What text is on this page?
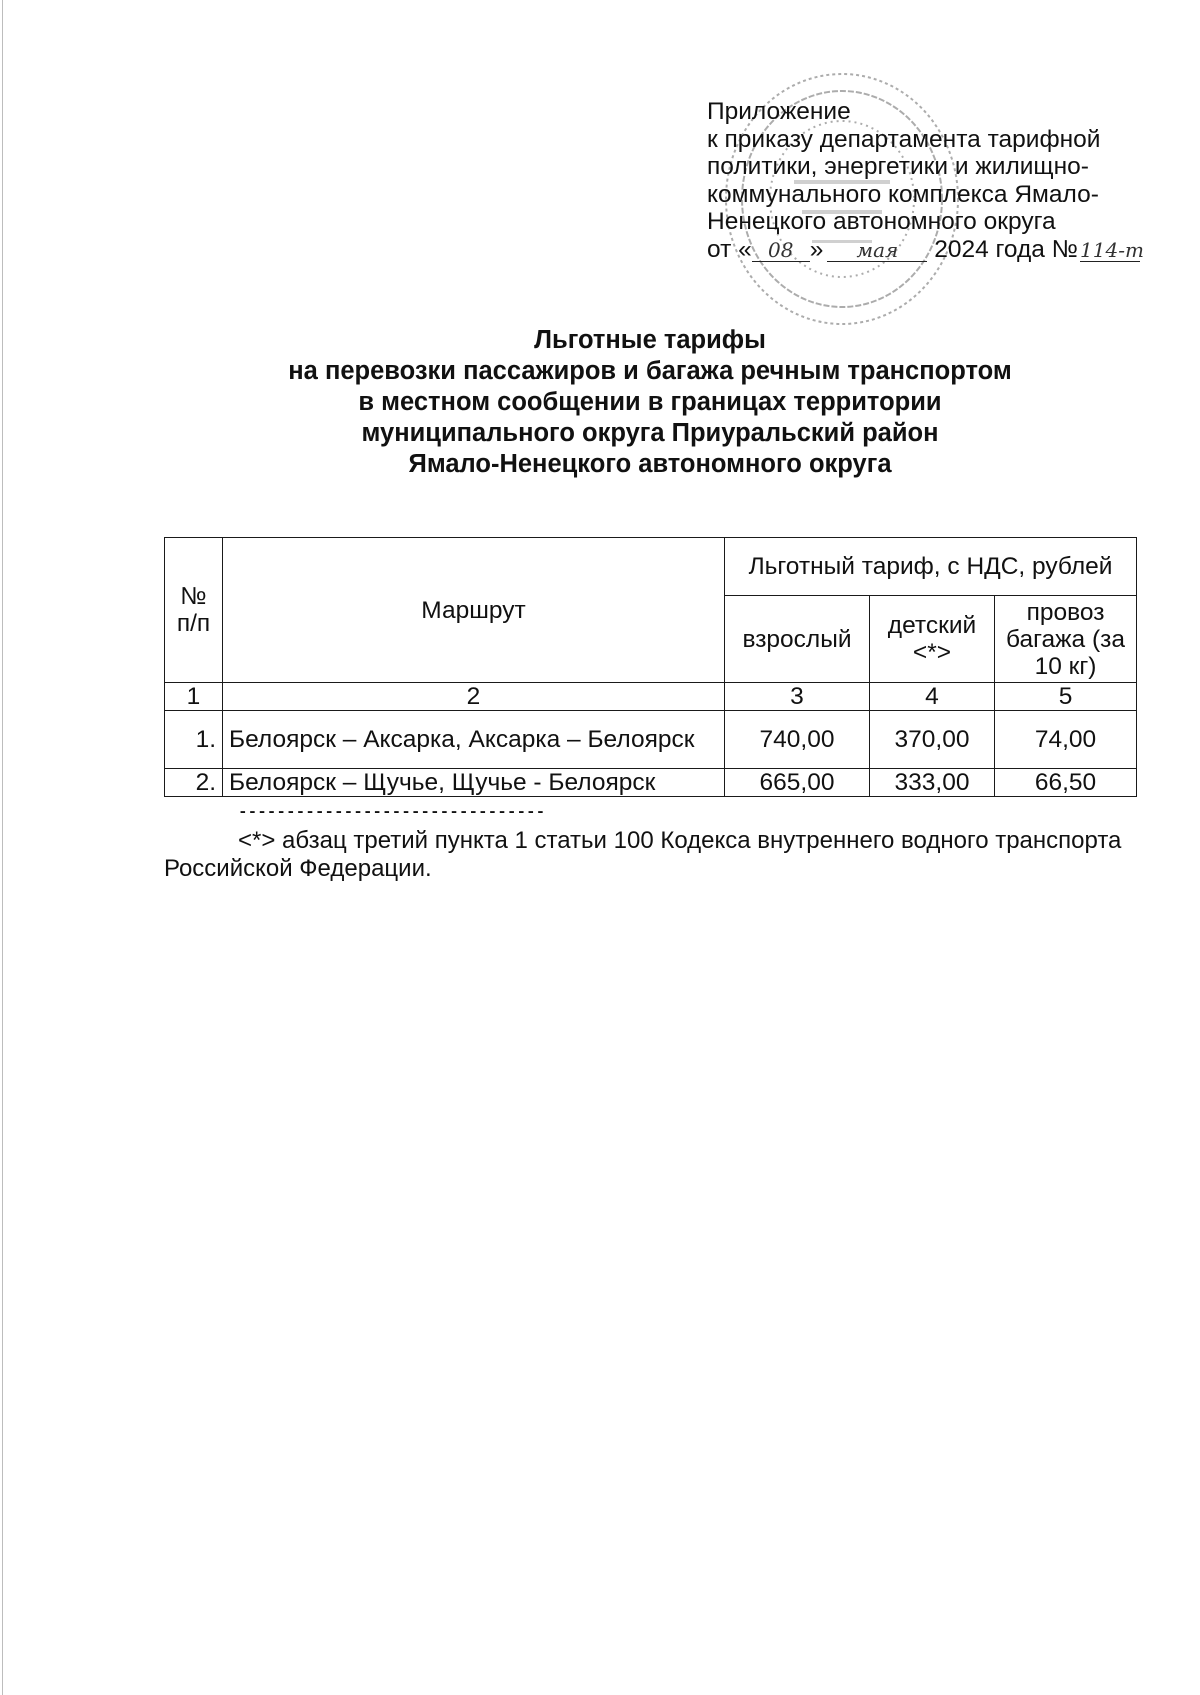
Приложение
к приказу департамента тарифной
политики, энергетики и жилищно-
коммунального комплекса Ямало-
Ненецкого автономного округа
от « 08 » мая 2024 года № 114-т
Льготные тарифы
на перевозки пассажиров и багажа речным транспортом
в местном сообщении в границах территории
муниципального округа Приуральский район
Ямало-Ненецкого автономного округа
№ п/п	Маршрут	Льготный тариф, с НДС, рублей		
		взрослый	детский <*>	провоз багажа (за 10 кг)
1	2	3	4	5
1.	Белоярск – Аксарка, Аксарка – Белоярск	740,00	370,00	74,00
2.	Белоярск – Щучье, Щучье - Белоярск	665,00	333,00	66,50
--------------------------------
<*> абзац третий пункта 1 статьи 100 Кодекса внутреннего водного транспорта Российской Федерации.
